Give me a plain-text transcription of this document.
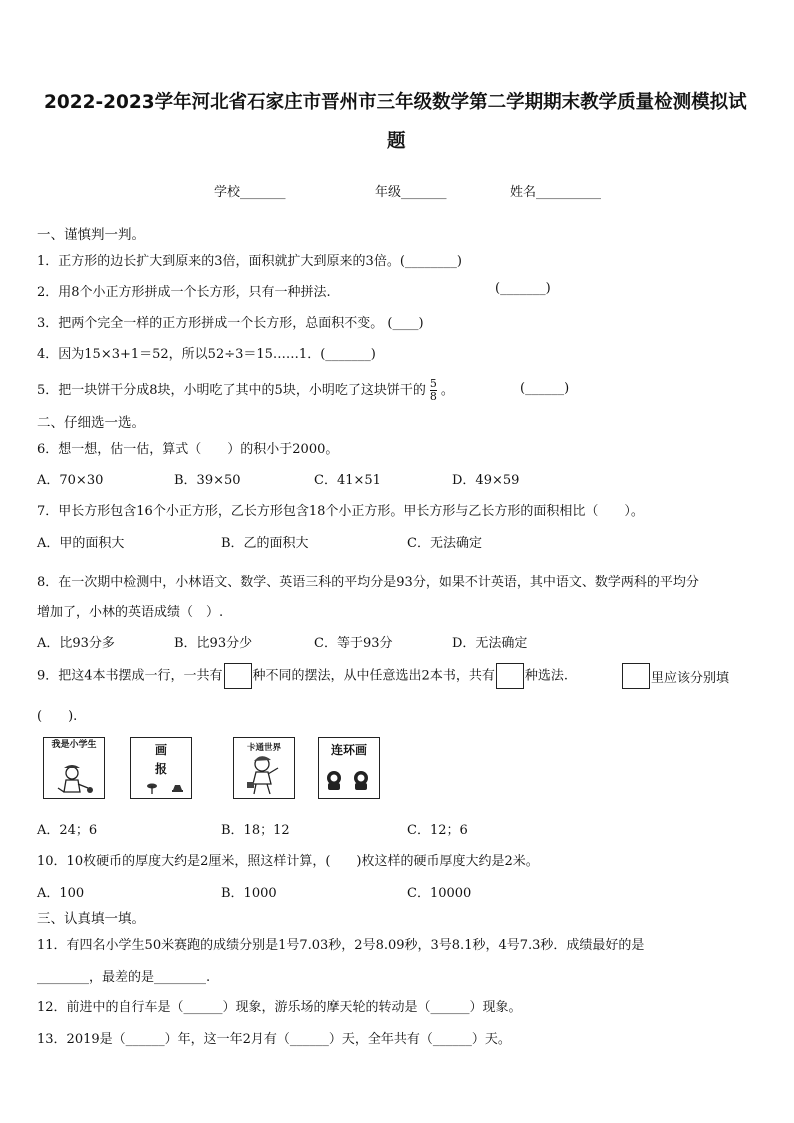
2022-2023学年河北省石家庄市晋州市三年级数学第二学期期末教学质量检测模拟试
题
学校_______	年级_______	姓名__________
一、谨慎判一判。
1．正方形的边长扩大到原来的3倍，面积就扩大到原来的3倍。(________)
2．用8个小正方形拼成一个长方形，只有一种拼法.	(_______)
3．把两个完全一样的正方形拼成一个长方形，总面积不变。 (____)
4．因为15×3+1＝52，所以52÷3＝15……1．(_______)
5．把一块饼干分成8块，小明吃了其中的5块，小明吃了这块饼干的 $\frac{5}{8}$ 。	(______)
二、仔细选一选。
6．想一想，估一估，算式（　　）的积小于2000。
A．70×30	B．39×50	C．41×51	D．49×59
7．甲长方形包含16个小正方形，乙长方形包含18个小正方形。甲长方形与乙长方形的面积相比（　　）。
A．甲的面积大	B．乙的面积大	C．无法确定
8．在一次期中检测中，小林语文、数学、英语三科的平均分是93分，如果不计英语，其中语文、数学两科的平均分
增加了，小林的英语成绩（　）.
A．比93分多	B．比93分少	C．等于93分	D．无法确定
9．把这4本书摆成一行，一共有 种不同的摆法，从中任意选出2本书，共有 种选法.	里应该分别填
(　　).
我是小学生	画
报
卡通世界	连环画
A．24；6	B．18；12	C．12；6
10．10枚硬币的厚度大约是2厘米，照这样计算，(　　)枚这样的硬币厚度大约是2米。
A．100	B．1000	C．10000
三、认真填一填。
11．有四名小学生50米赛跑的成绩分别是1号7.03秒，2号8.09秒，3号8.1秒，4号7.3秒．成绩最好的是
________，最差的是________.
12．前进中的自行车是（______）现象，游乐场的摩天轮的转动是（______）现象。
13．2019是（______）年，这一年2月有（______）天，全年共有（______）天。
